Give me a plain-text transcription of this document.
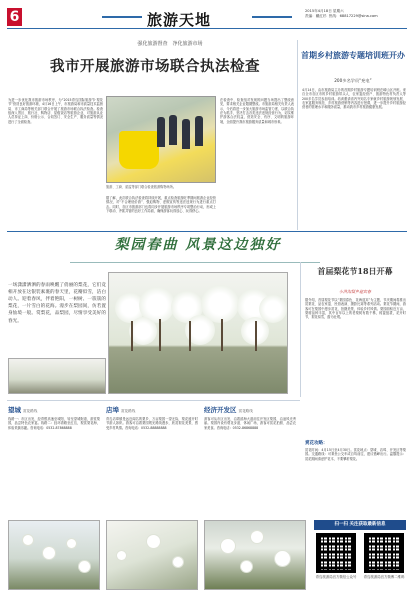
6	旅游天地	2015年4月18日 星期六
责编：戴红杉  热线：68817229@sina.com
强化旅游督查　净化旅游市场
我市开展旅游市场联合执法检查
为进一步优化我市旅游市场秩序，为“2015青岛国际旅游节·梨花节”营造良好旅游环境，4月16日上午，市旅游局和市质量技术监督局、市工商局等相关部门联合开展了旅游市场联合执法检查。检查组深入景区、旅行社、购物店、星级饭店等旅游企业，对旅游从业人员持证上岗、价格公示、合同签订、安全生产、服务质量等情况进行了全面检查。
旅游、工商、质监等部门联合检查旅游购物场所。
在检查中，检查组对发现的问题当场提出了整改意见，要求相关企业限期整改。市旅游局相关负责人表示，今后将进一步加大旅游市场监管力度，以联合执法为抓手，坚决打击各类违法违规经营行为，切实维护游客合法权益，营造安全、有序、文明的旅游环境，全面提升我市旅游服务质量和城市形象。
据了解，此次联合执法检查将持续开展，重点检查旅游旺季期间旅游企业经营情况，对“不合理低价游”、强迫购物、虚假宣传等违法违规行为进行重点打击。同时，各区市旅游部门也将同步开展旅游市场秩序专项整治行动，形成上下联动、齐抓共管的良好工作局面，确保游客玩得放心、玩得舒心。
首期乡村旅游专题培训班开办
200多名学员“充电”
4月14日，由市旅游局主办的首期乡村旅游专题培训班在崂山区开班。来自全市各区市的乡村旅游带头人、农家宴经营户、旅游特色村负责人等200多名学员参加培训。培训邀请省内外知名专家就乡村旅游规划发展、农家宴服务规范、乡村旅游营销等内容进行授课，进一步提升乡村旅游经营者的管理水平和服务质量，推动我市乡村旅游健康发展。
梨园春曲 风景这边独好
一场潇潇洒洒的春雨唤醒了俏丽的梨花，它们竞相开放在这银装素裹的春天里，花瓣似雪，洁白动人。迎着春风，伴着艳阳，一树树、一簇簇的梨花，一片雪白的花海。漫步在梨园间，仿若置身仙境一般。赏梨花，品梨园，尽情享受美好的春光。
首届梨花节18日开幕
小洪沟梨乡迎宾春
据介绍，首届梨花节以“梨园春色、花海迎宾”为主题，节庆期间将推出赏梨花、品农家宴、民俗表演、摄影比赛等系列活动。梨花节期间，游客可在梨园中漫步赏花，拍摄美景，体验乡村风情。梨园面积近万亩，梨树品种丰富，其中百年以上的老梨树有数千株，树姿挺拔，花开时节，梨花似雪，蔚为壮观。
望城 赏花路线
线路一：市区出发，经青银高速至城阳，转至望城街道，游览梨园，品尝特色农家宴。线路二：经环湾路至红岛，观赏梨花海，体验采摘乐趣。咨询电话：0532-87868888
店埠 赏花路线
青岛店埠镇是远近闻名的梨乡，万亩梨园一望无际，梨花盛开时节游人如织。游客可沿着梨园观光路线漫步，欣赏梨花美景，感受乡村风情。咨询电话：0532-88888888
经济开发区 赏花路线
游客可从市区出发，沿着滨海大道前往开发区梨园，沿途风光秀丽。梨园内设有观花步道、休闲广场，游客可赏花拍照、品尝农家美食。咨询电话：0532-86868888
赏花攻略：
赏花时间：4月15日至4月30日。赏花地点：望城、店埠、开发区等梨园。交通路线：可乘坐公交车或自驾前往，建议错峰出行。温馨提示：赏花期间请爱护花木，不要攀折梨花。
扫一扫 关注获取最新信息
青岛旅游局官方微信公众号	青岛旅游局官方微博二维码
